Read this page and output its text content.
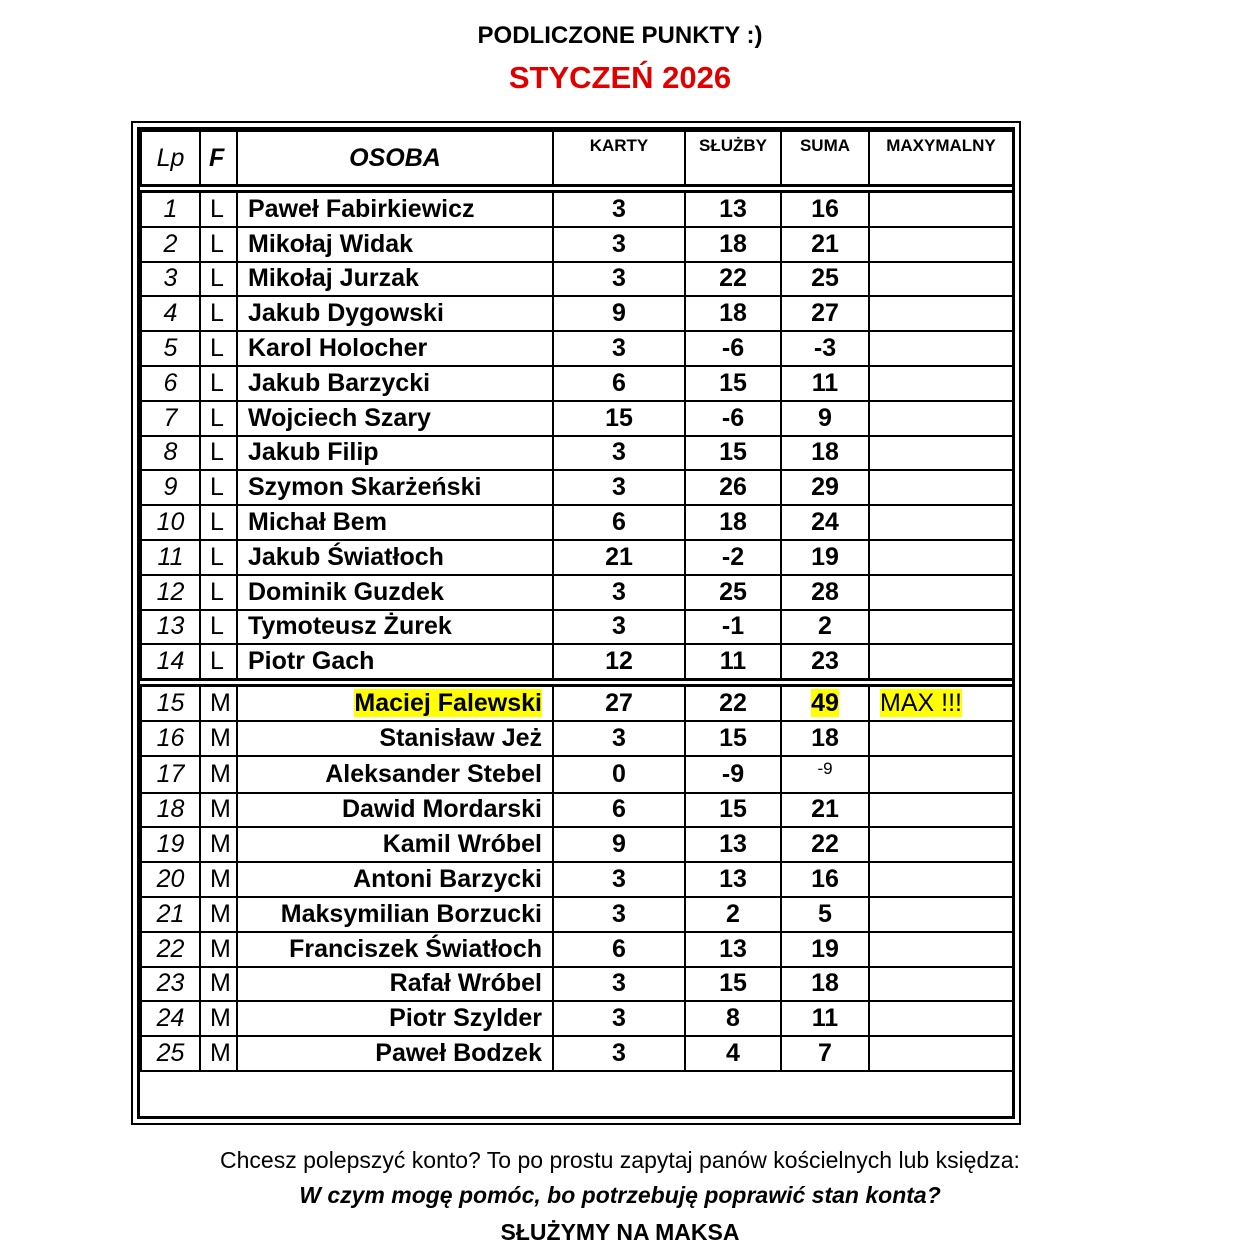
PODLICZONE PUNKTY :)
STYCZEŃ 2026
Lp	F	OSOBA	KARTY	SŁUŻBY	SUMA	MAXYMALNY

1	L	Paweł Fabirkiewicz	3	13	16	
2	L	Mikołaj Widak	3	18	21	
3	L	Mikołaj Jurzak	3	22	25	
4	L	Jakub Dygowski	9	18	27	
5	L	Karol Holocher	3	-6	-3	
6	L	Jakub Barzycki	6	15	11	
7	L	Wojciech Szary	15	-6	9	
8	L	Jakub Filip	3	15	18	
9	L	Szymon Skarżeński	3	26	29	
10	L	Michał Bem	6	18	24	
11	L	Jakub Światłoch	21	-2	19	
12	L	Dominik Guzdek	3	25	28	
13	L	Tymoteusz Żurek	3	-1	2	
14	L	Piotr Gach	12	11	23	

15	M	Maciej Falewski	27	22	49	MAX !!!
16	M	Stanisław Jeż	3	15	18	
17	M	Aleksander Stebel	0	-9	-9	
18	M	Dawid Mordarski	6	15	21	
19	M	Kamil Wróbel	9	13	22	
20	M	Antoni Barzycki	3	13	16	
21	M	Maksymilian Borzucki	3	2	5	
22	M	Franciszek Światłoch	6	13	19	
23	M	Rafał Wróbel	3	15	18	
24	M	Piotr Szylder	3	8	11	
25	M	Paweł Bodzek	3	4	7	
Chcesz polepszyć konto? To po prostu zapytaj panów kościelnych lub księdza:
W czym mogę pomóc, bo potrzebuję poprawić stan konta?
SŁUŻYMY NA MAKSA
